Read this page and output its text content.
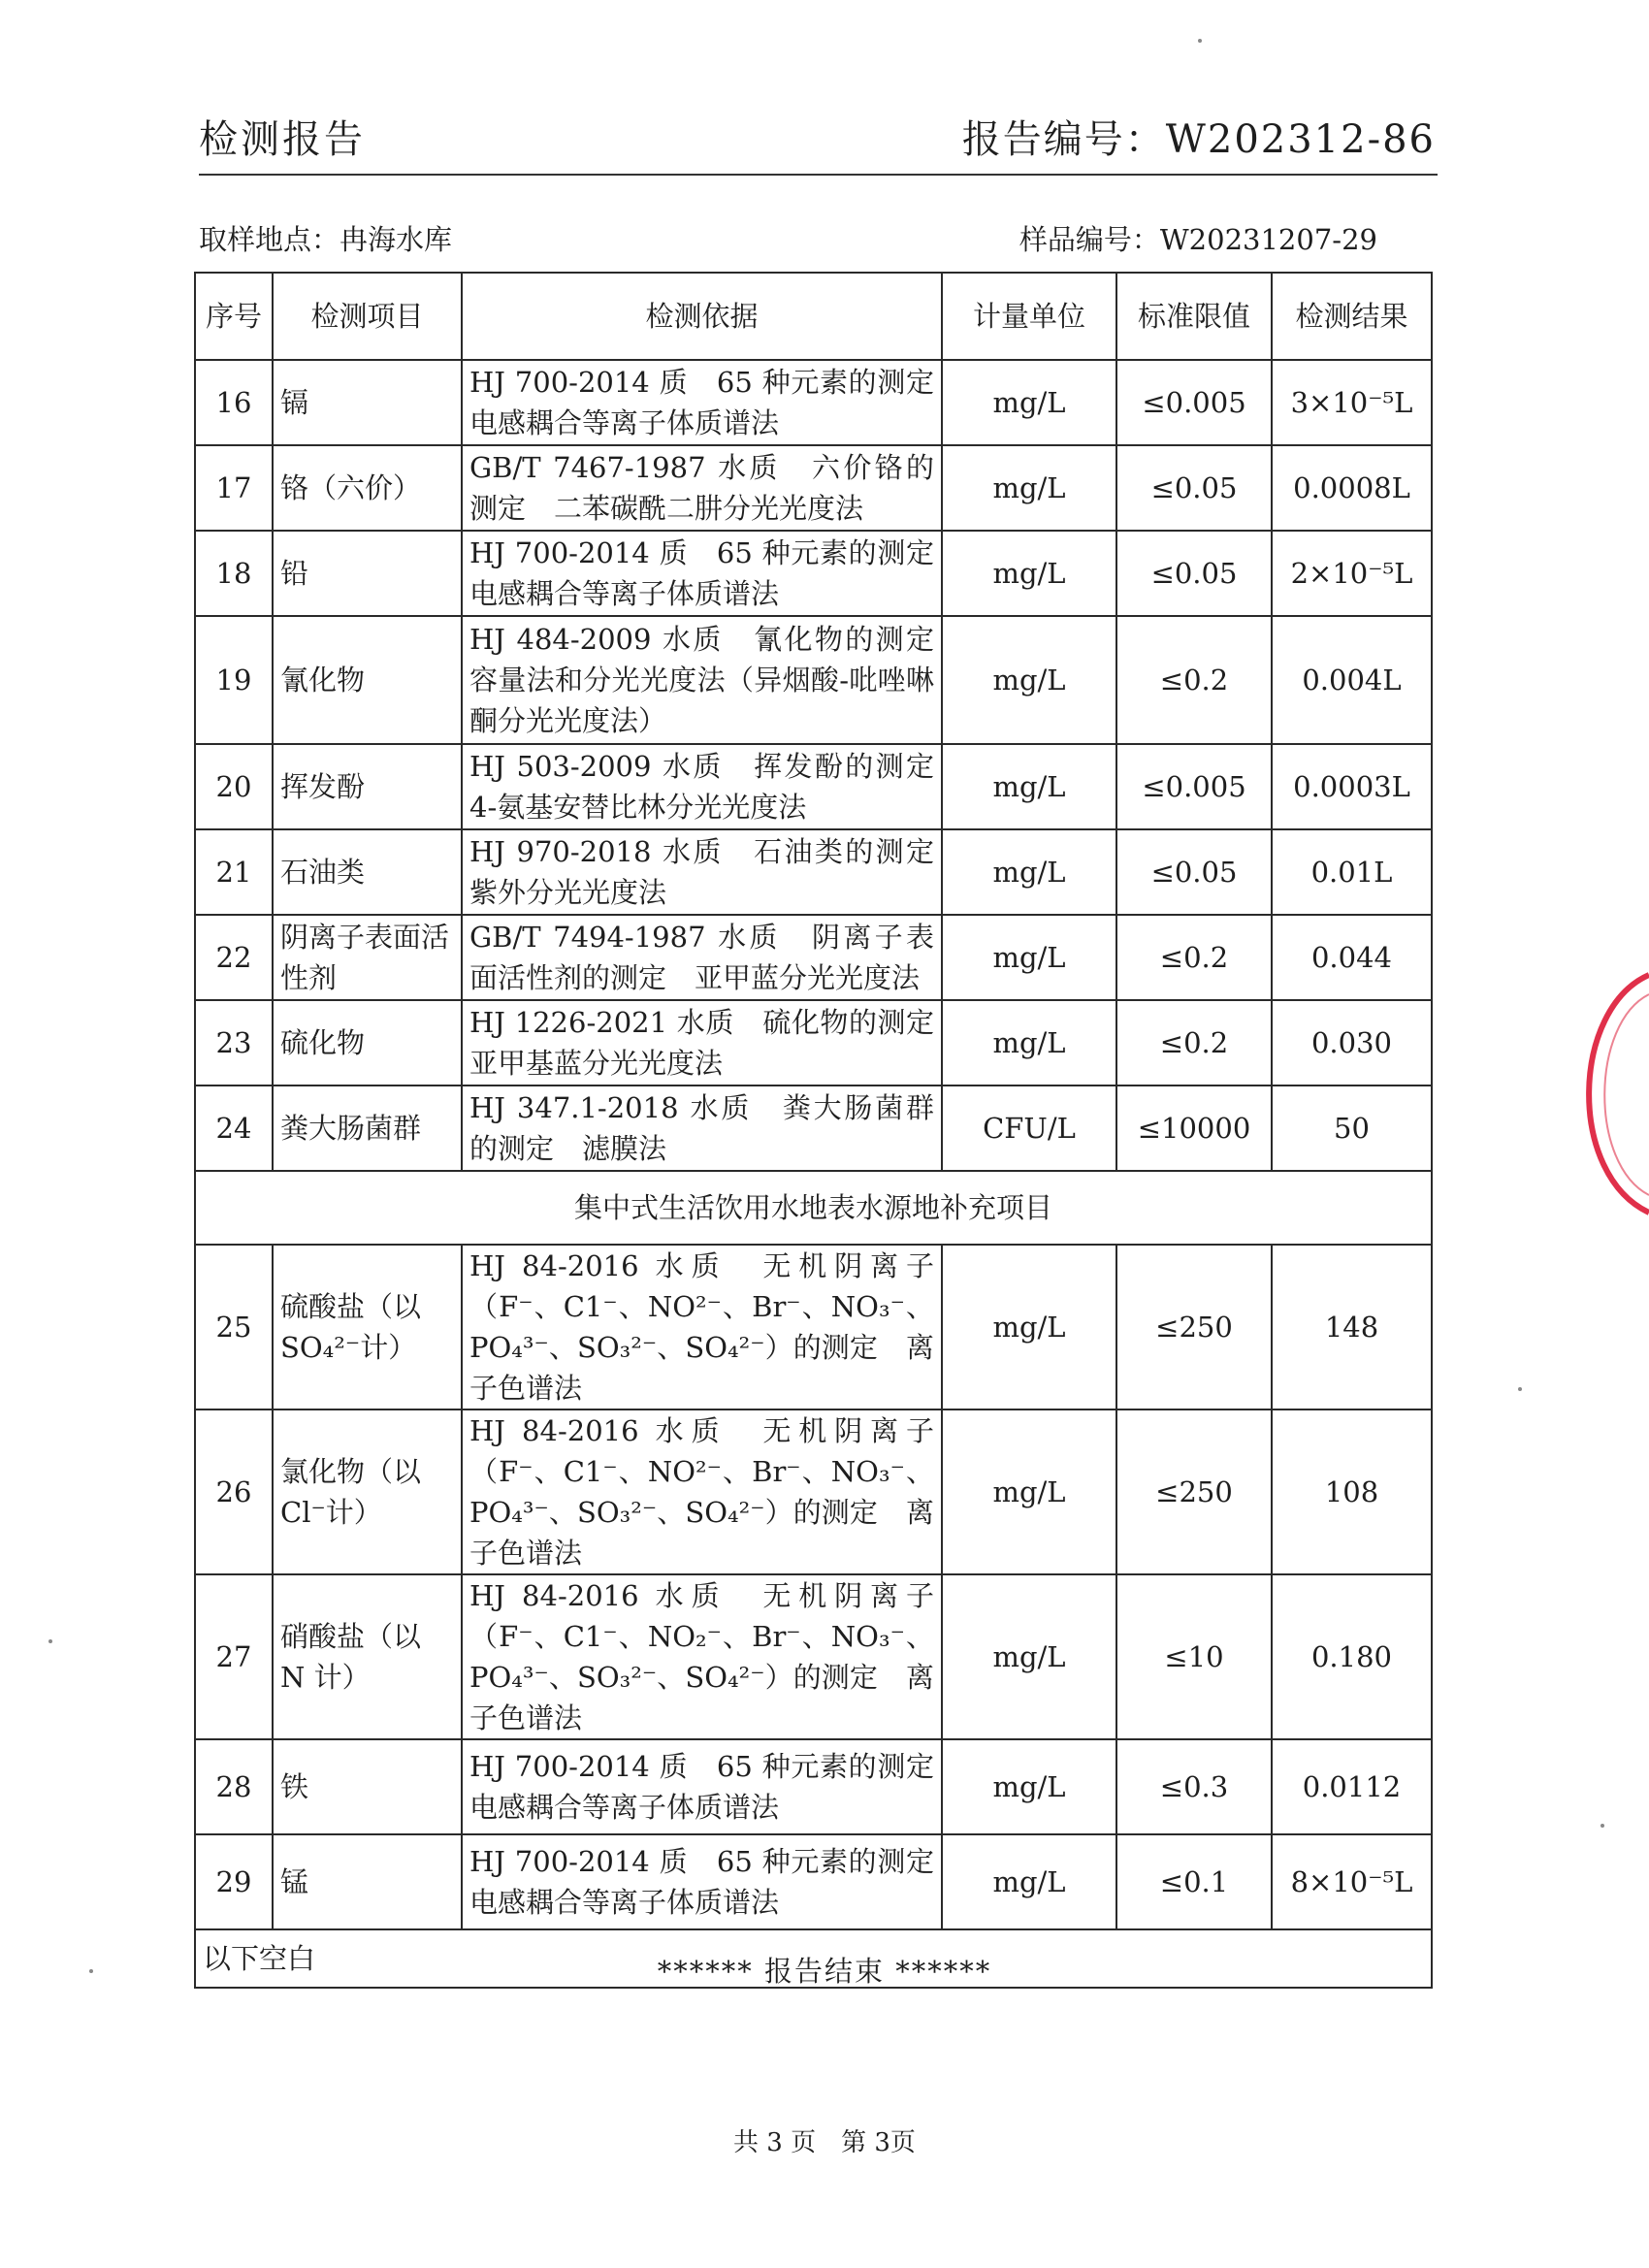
检测报告	报告编号：W202312-86
取样地点：冉海水库	样品编号：W20231207-29
序号	检测项目	检测依据	计量单位	标准限值	检测结果
16	镉	HJ 700-2014 质　65 种元素的测定　电感耦合等离子体质谱法	mg/L	≤0.005	3×10⁻⁵L
17	铬（六价）	GB/T 7467-1987 水质　六价铬的测定　二苯碳酰二肼分光光度法	mg/L	≤0.05	0.0008L
18	铅	HJ 700-2014 质　65 种元素的测定　电感耦合等离子体质谱法	mg/L	≤0.05	2×10⁻⁵L
19	氰化物	HJ 484-2009 水质　氰化物的测定　容量法和分光光度法（异烟酸-吡唑啉酮分光光度法）	mg/L	≤0.2	0.004L
20	挥发酚	HJ 503-2009 水质　挥发酚的测定　4-氨基安替比林分光光度法	mg/L	≤0.005	0.0003L
21	石油类	HJ 970-2018 水质　石油类的测定　紫外分光光度法	mg/L	≤0.05	0.01L
22	阴离子表面活性剂	GB/T 7494-1987 水质　阴离子表面活性剂的测定　亚甲蓝分光光度法	mg/L	≤0.2	0.044
23	硫化物	HJ 1226-2021 水质　硫化物的测定　亚甲基蓝分光光度法	mg/L	≤0.2	0.030
24	粪大肠菌群	HJ 347.1-2018 水质　粪大肠菌群的测定　滤膜法	CFU/L	≤10000	50
集中式生活饮用水地表水源地补充项目					
25	硫酸盐（以 SO₄²⁻计）	HJ 84-2016 水质　无机阴离子（F⁻、C1⁻、NO²⁻、Br⁻、NO₃⁻、PO₄³⁻、SO₃²⁻、SO₄²⁻）的测定　离子色谱法	mg/L	≤250	148
26	氯化物（以 Cl⁻计）	HJ 84-2016 水质　无机阴离子（F⁻、C1⁻、NO²⁻、Br⁻、NO₃⁻、PO₄³⁻、SO₃²⁻、SO₄²⁻）的测定　离子色谱法	mg/L	≤250	108
27	硝酸盐（以 N 计）	HJ 84-2016 水质　无机阴离子（F⁻、C1⁻、NO₂⁻、Br⁻、NO₃⁻、PO₄³⁻、SO₃²⁻、SO₄²⁻）的测定　离子色谱法	mg/L	≤10	0.180
28	铁	HJ 700-2014 质　65 种元素的测定　电感耦合等离子体质谱法	mg/L	≤0.3	0.0112
29	锰	HJ 700-2014 质　65 种元素的测定　电感耦合等离子体质谱法	mg/L	≤0.1	8×10⁻⁵L
以下空白						****** 报告结束 ******
共 3 页　第 3页
